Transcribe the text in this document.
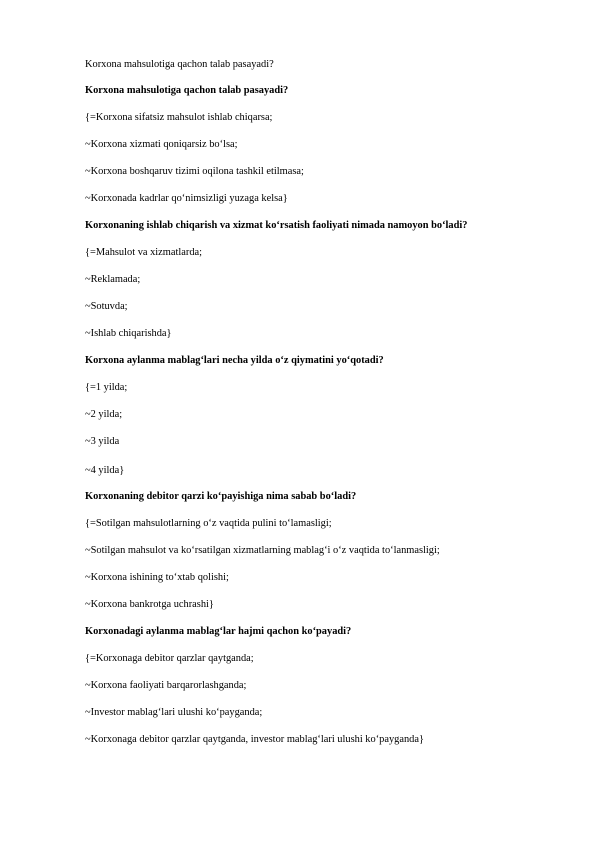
Korxona mahsulotiga qachon talab pasayadi?
Korxona mahsulotiga qachon talab pasayadi?
{=Korxona sifatsiz mahsulot ishlab chiqarsa;
~Korxona xizmati qoniqarsiz bo‘lsa;
~Korxona boshqaruv tizimi oqilona tashkil etilmasa;
~Korxonada kadrlar qo‘nimsizligi yuzaga kelsa}
Korxonaning ishlab chiqarish va xizmat ko‘rsatish faoliyati nimada namoyon bo‘ladi?
{=Mahsulot va xizmatlarda;
~Reklamada;
~Sotuvda;
~Ishlab chiqarishda}
Korxona aylanma mablag‘lari necha yilda o‘z qiymatini yo‘qotadi?
{=1 yilda;
~2 yilda;
~3 yilda
~4 yilda}
Korxonaning debitor qarzi ko‘payishiga nima sabab bo‘ladi?
{=Sotilgan mahsulotlarning o‘z vaqtida pulini to‘lamasligi;
~Sotilgan mahsulot va ko‘rsatilgan xizmatlarning mablag‘i o‘z vaqtida to‘lanmasligi;
~Korxona ishining to‘xtab qolishi;
~Korxona bankrotga uchrashi}
Korxonadagi aylanma mablag‘lar hajmi qachon ko‘payadi?
{=Korxonaga debitor qarzlar qaytganda;
~Korxona faoliyati barqarorlashganda;
~Investor mablag‘lari ulushi ko‘payganda;
~Korxonaga debitor qarzlar qaytganda, investor mablag‘lari ulushi ko‘payganda}
